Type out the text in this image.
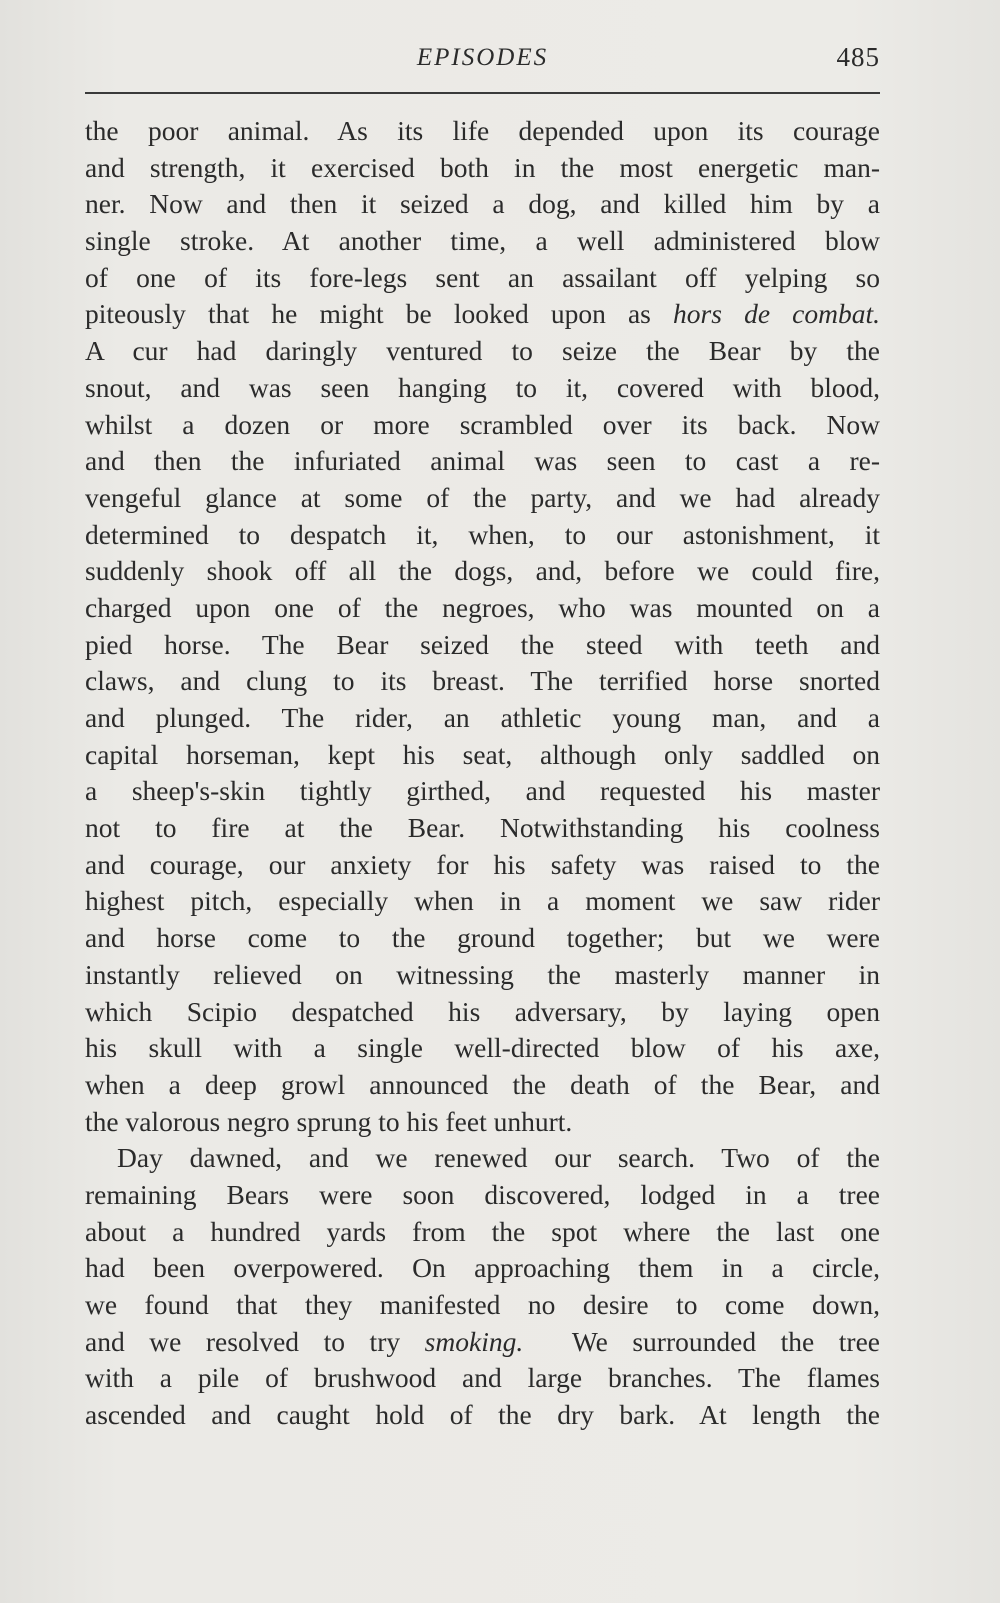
EPISODES	485
the poor animal. As its life depended upon its courage
and strength, it exercised both in the most energetic man-
ner. Now and then it seized a dog, and killed him by a
single stroke. At another time, a well administered blow
of one of its fore-legs sent an assailant off yelping so
piteously that he might be looked upon as hors de combat.
A cur had daringly ventured to seize the Bear by the
snout, and was seen hanging to it, covered with blood,
whilst a dozen or more scrambled over its back. Now
and then the infuriated animal was seen to cast a re-
vengeful glance at some of the party, and we had already
determined to despatch it, when, to our astonishment, it
suddenly shook off all the dogs, and, before we could fire,
charged upon one of the negroes, who was mounted on a
pied horse. The Bear seized the steed with teeth and
claws, and clung to its breast. The terrified horse snorted
and plunged. The rider, an athletic young man, and a
capital horseman, kept his seat, although only saddled on
a sheep's-skin tightly girthed, and requested his master
not to fire at the Bear. Notwithstanding his coolness
and courage, our anxiety for his safety was raised to the
highest pitch, especially when in a moment we saw rider
and horse come to the ground together; but we were
instantly relieved on witnessing the masterly manner in
which Scipio despatched his adversary, by laying open
his skull with a single well-directed blow of his axe,
when a deep growl announced the death of the Bear, and
the valorous negro sprung to his feet unhurt.
Day dawned, and we renewed our search. Two of the
remaining Bears were soon discovered, lodged in a tree
about a hundred yards from the spot where the last one
had been overpowered. On approaching them in a circle,
we found that they manifested no desire to come down,
and we resolved to try smoking. We surrounded the tree
with a pile of brushwood and large branches. The flames
ascended and caught hold of the dry bark. At length the
